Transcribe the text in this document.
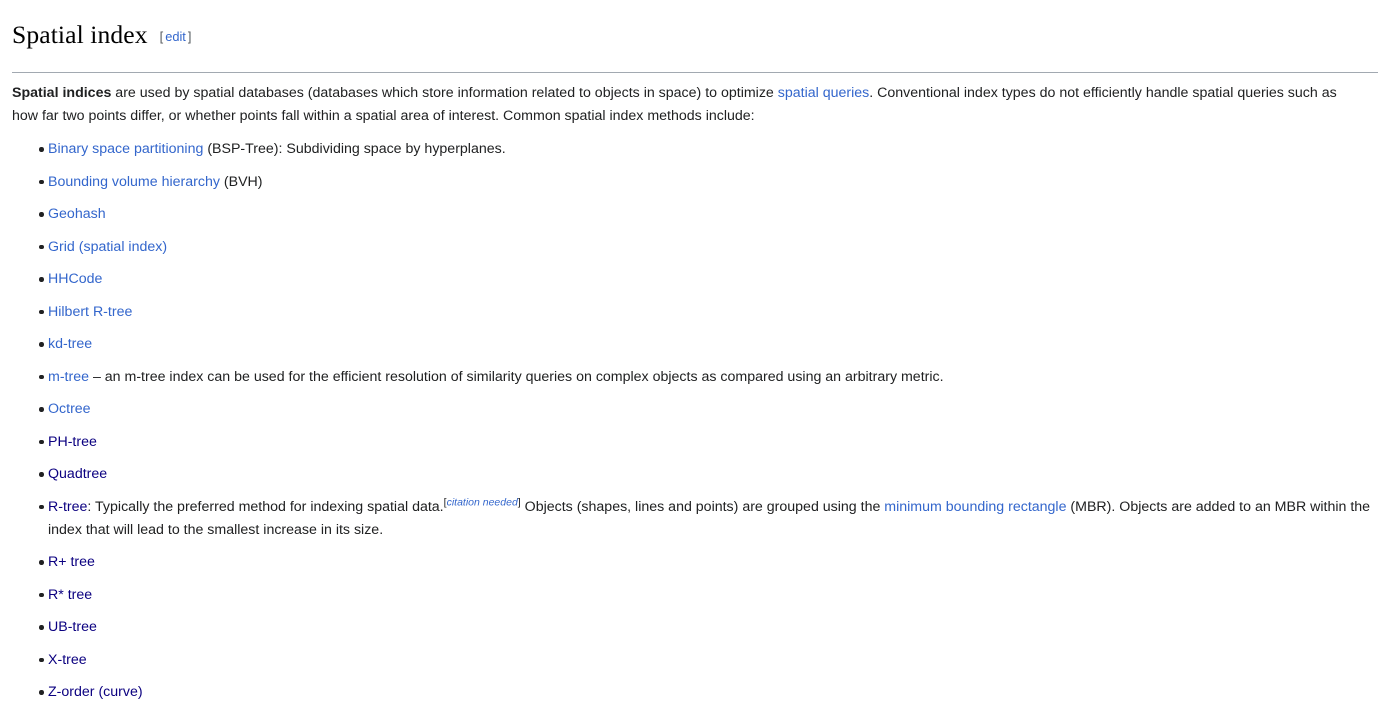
Spatial index [ edit ]

Spatial indices are used by spatial databases (databases which store information related to objects in space) to optimize spatial queries. Conventional index types do not efficiently handle spatial queries such as how far two points differ, or whether points fall within a spatial area of interest. Common spatial index methods include:

Binary space partitioning (BSP-Tree): Subdividing space by hyperplanes.
Bounding volume hierarchy (BVH)
Geohash
Grid (spatial index)
HHCode
Hilbert R-tree
kd-tree
m-tree – an m-tree index can be used for the efficient resolution of similarity queries on complex objects as compared using an arbitrary metric.
Octree
PH-tree
Quadtree
R-tree: Typically the preferred method for indexing spatial data.[citation needed] Objects (shapes, lines and points) are grouped using the minimum bounding rectangle (MBR). Objects are added to an MBR within the index that will lead to the smallest increase in its size.
R+ tree
R* tree
UB-tree
X-tree
Z-order (curve)
